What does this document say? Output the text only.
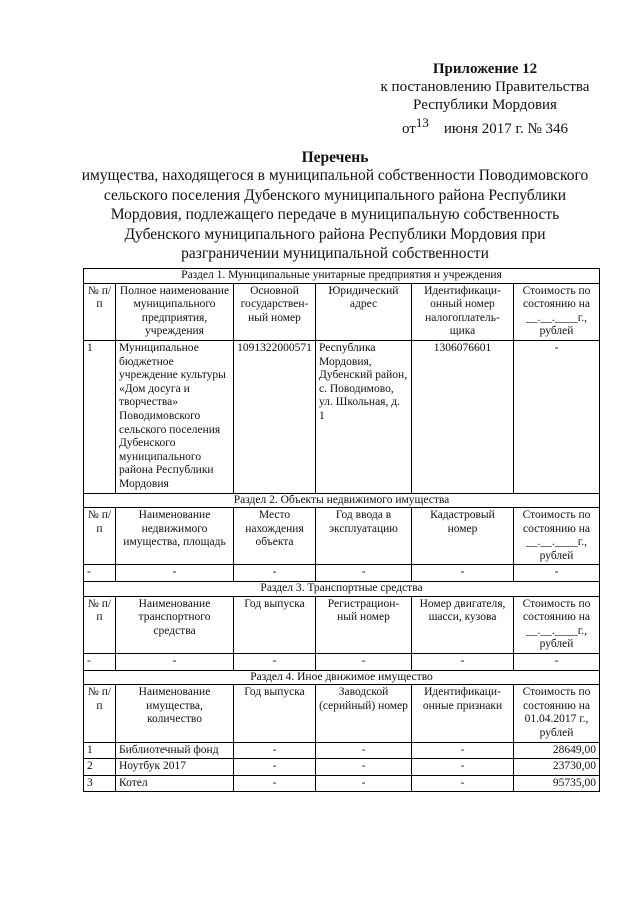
Приложение 12
к постановлению Правительства
Республики Мордовия
$от^{13}$ июня 2017 г. № 346
Перечень
имущества, находящегося в муниципальной собственности Поводимовского
сельского поселения Дубенского муниципального района Республики
Мордовия, подлежащего передаче в муниципальную собственность
Дубенского муниципального района Республики Мордовия при
разграничении муниципальной собственности
Раздел 1. Муниципальные унитарные предприятия и учреждения					
№ п/п	Полное наименование муниципального предприятия, учреждения	Основной государствен-ный номер	Юридический адрес	Идентификаци-онный номер налогоплатель-щика	Стоимость по состоянию на __.__.____г., рублей
1	Муниципальное бюджетное учреждение культуры «Дом досуга и творчества» Поводимовского сельского поселения Дубенского муниципального района Республики Мордовия	1091322000571	Республика Мордовия, Дубенский район, с. Поводимово, ул. Школьная, д. 1	1306076601	-
Раздел 2. Объекты недвижимого имущества					
№ п/п	Наименование недвижимого имущества, площадь	Место нахождения объекта	Год ввода в эксплуатацию	Кадастровый номер	Стоимость по состоянию на __.__.____г., рублей
-	-	-	-	-	-
Раздел 3. Транспортные средства					
№ п/п	Наименование транспортного средства	Год выпуска	Регистрацион-ный номер	Номер двигателя, шасси, кузова	Стоимость по состоянию на __.__.____г., рублей
-	-	-	-	-	-
Раздел 4. Иное движимое имущество					
№ п/п	Наименование имущества, количество	Год выпуска	Заводской (серийный) номер	Идентификаци-онные признаки	Стоимость по состоянию на 01.04.2017 г., рублей
1	Библиотечный фонд	-	-	-	28649,00
2	Ноутбук 2017	-	-	-	23730,00
3	Котел	-	-	-	95735,00
